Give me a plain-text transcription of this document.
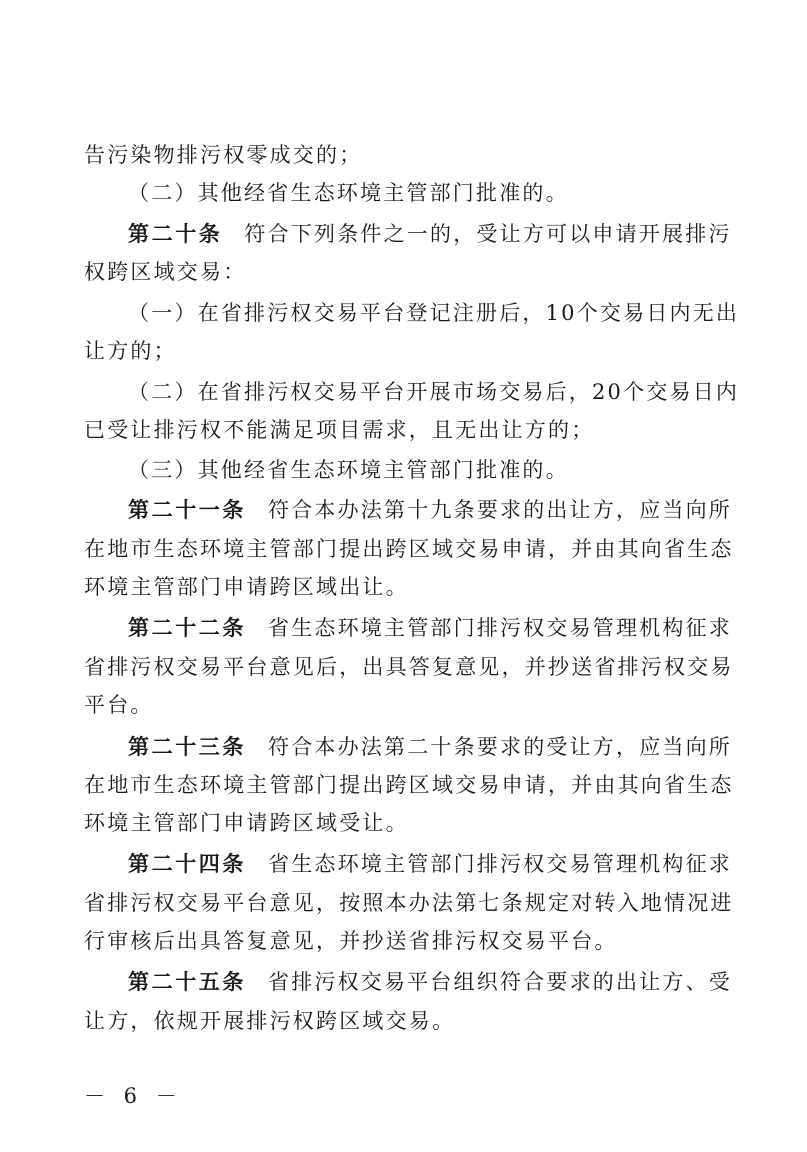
告污染物排污权零成交的；
（二）其他经省生态环境主管部门批准的。
第二十条 符合下列条件之一的，受让方可以申请开展排污
权跨区域交易：
（一）在省排污权交易平台登记注册后，10个交易日内无出
让方的；
（二）在省排污权交易平台开展市场交易后，20个交易日内
已受让排污权不能满足项目需求，且无出让方的；
（三）其他经省生态环境主管部门批准的。
第二十一条 符合本办法第十九条要求的出让方，应当向所
在地市生态环境主管部门提出跨区域交易申请，并由其向省生态
环境主管部门申请跨区域出让。
第二十二条 省生态环境主管部门排污权交易管理机构征求
省排污权交易平台意见后，出具答复意见，并抄送省排污权交易
平台。
第二十三条 符合本办法第二十条要求的受让方，应当向所
在地市生态环境主管部门提出跨区域交易申请，并由其向省生态
环境主管部门申请跨区域受让。
第二十四条 省生态环境主管部门排污权交易管理机构征求
省排污权交易平台意见，按照本办法第七条规定对转入地情况进
行审核后出具答复意见，并抄送省排污权交易平台。
第二十五条 省排污权交易平台组织符合要求的出让方、受
让方，依规开展排污权跨区域交易。
－ 6 －
